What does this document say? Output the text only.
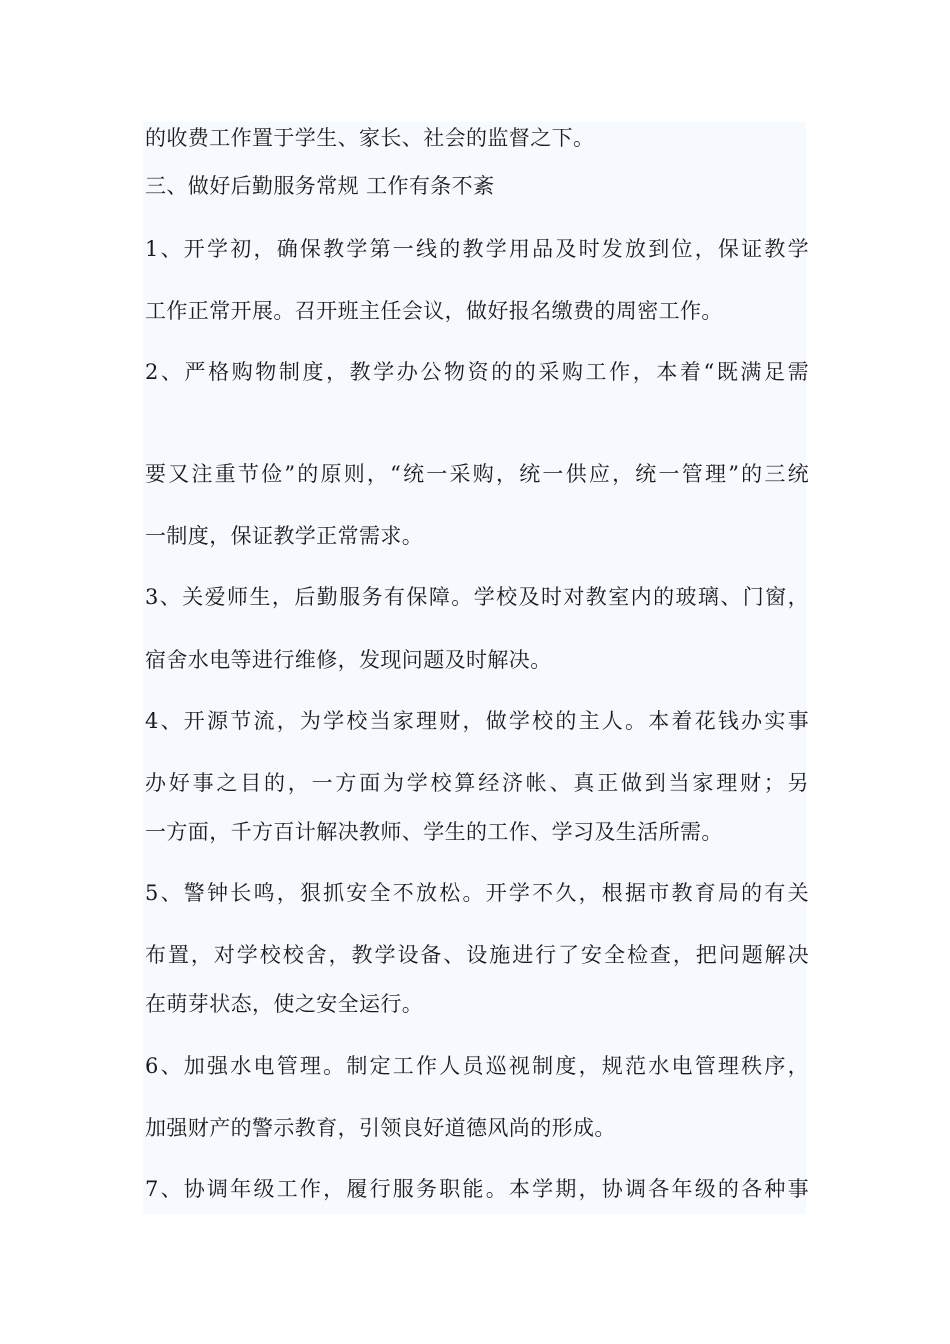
的收费工作置于学生、家长、社会的监督之下。
三、做好后勤服务常规 工作有条不紊
1、开学初，确保教学第一线的教学用品及时发放到位，保证教学
工作正常开展。召开班主任会议，做好报名缴费的周密工作。
2、严格购物制度，教学办公物资的的采购工作，本着“既满足需
要又注重节俭”的原则，“统一采购，统一供应，统一管理”的三统
一制度，保证教学正常需求。
3、关爱师生，后勤服务有保障。学校及时对教室内的玻璃、门窗，
宿舍水电等进行维修，发现问题及时解决。
4、开源节流，为学校当家理财，做学校的主人。本着花钱办实事
办好事之目的，一方面为学校算经济帐、真正做到当家理财；另
一方面，千方百计解决教师、学生的工作、学习及生活所需。
5、警钟长鸣，狠抓安全不放松。开学不久，根据市教育局的有关
布置，对学校校舍，教学设备、设施进行了安全检查，把问题解决
在萌芽状态，使之安全运行。
6、加强水电管理。制定工作人员巡视制度，规范水电管理秩序，
加强财产的警示教育，引领良好道德风尚的形成。
7、协调年级工作，履行服务职能。本学期，协调各年级的各种事
